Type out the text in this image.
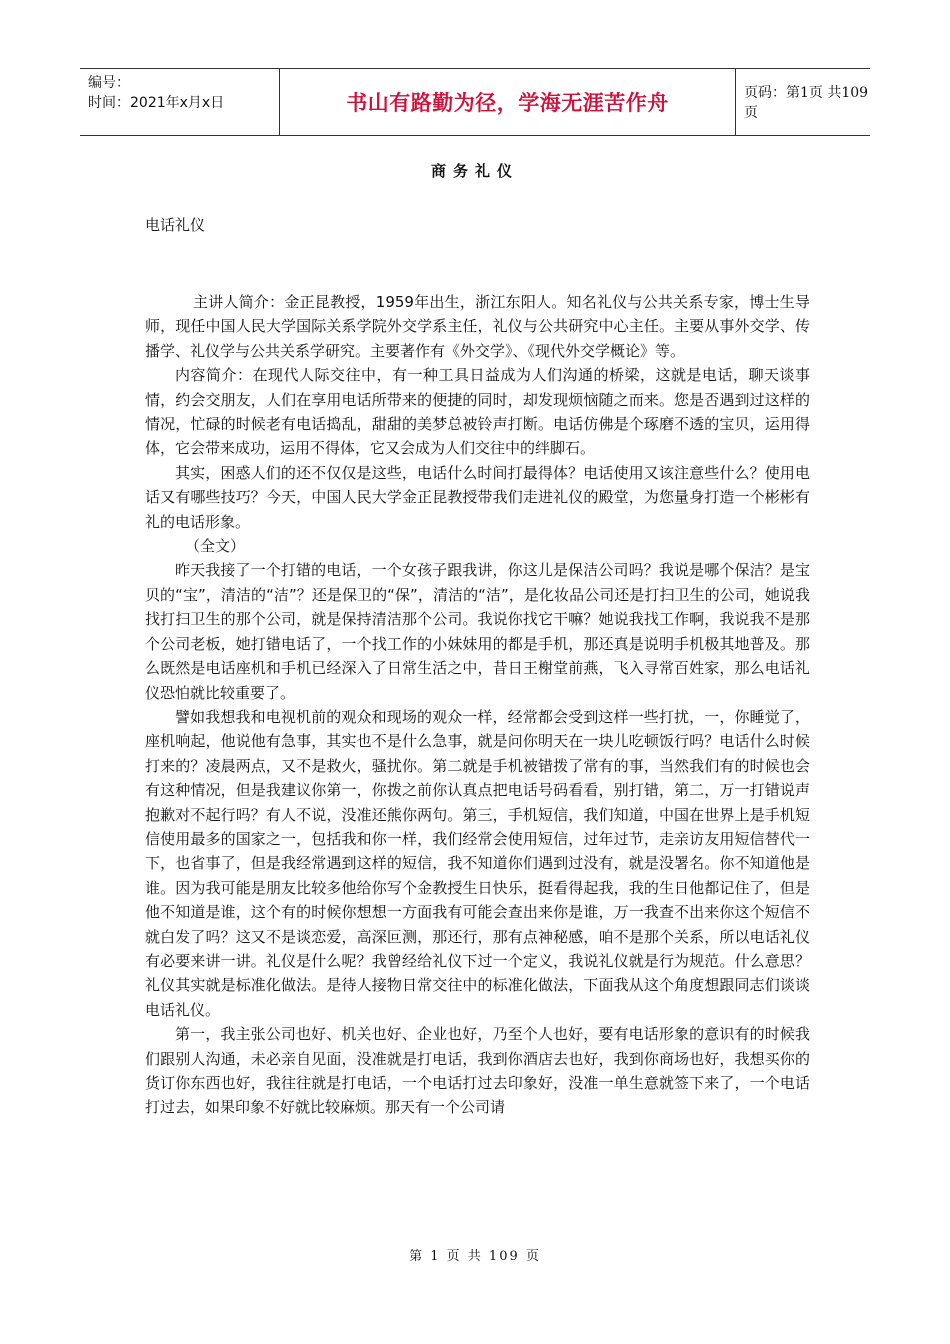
编号：
时间：2021年x月x日	书山有路勤为径，学海无涯苦作舟	页码：第1页 共109页
商务礼仪
电话礼仪

主讲人简介：金正昆教授，1959年出生，浙江东阳人。知名礼仪与公共关系专家，博士生导师，现任中国人民大学国际关系学院外交学系主任，礼仪与公共研究中心主任。主要从事外交学、传播学、礼仪学与公共关系学研究。主要著作有《外交学》、《现代外交学概论》等。

内容简介：在现代人际交往中，有一种工具日益成为人们沟通的桥梁，这就是电话，聊天谈事情，约会交朋友，人们在享用电话所带来的便捷的同时，却发现烦恼随之而来。您是否遇到过这样的情况，忙碌的时候老有电话捣乱，甜甜的美梦总被铃声打断。电话仿佛是个琢磨不透的宝贝，运用得体，它会带来成功，运用不得体，它又会成为人们交往中的绊脚石。

其实，困惑人们的还不仅仅是这些，电话什么时间打最得体？电话使用又该注意些什么？使用电话又有哪些技巧？今天，中国人民大学金正昆教授带我们走进礼仪的殿堂，为您量身打造一个彬彬有礼的电话形象。

（全文）

昨天我接了一个打错的电话，一个女孩子跟我讲，你这儿是保洁公司吗？我说是哪个保洁？是宝贝的“宝”，清洁的“洁”？还是保卫的“保”，清洁的“洁”，是化妆品公司还是打扫卫生的公司，她说我找打扫卫生的那个公司，就是保持清洁那个公司。我说你找它干嘛？她说我找工作啊，我说我不是那个公司老板，她打错电话了，一个找工作的小妹妹用的都是手机，那还真是说明手机极其地普及。那么既然是电话座机和手机已经深入了日常生活之中，昔日王榭堂前燕，飞入寻常百姓家，那么电话礼仪恐怕就比较重要了。

譬如我想我和电视机前的观众和现场的观众一样，经常都会受到这样一些打扰，一，你睡觉了，座机响起，他说他有急事，其实也不是什么急事，就是问你明天在一块儿吃顿饭行吗？电话什么时候打来的？凌晨两点，又不是救火，骚扰你。第二就是手机被错拨了常有的事，当然我们有的时候也会有这种情况，但是我建议你第一，你拨之前你认真点把电话号码看看，别打错，第二，万一打错说声抱歉对不起行吗？有人不说，没准还熊你两句。第三，手机短信，我们知道，中国在世界上是手机短信使用最多的国家之一，包括我和你一样，我们经常会使用短信，过年过节，走亲访友用短信替代一下，也省事了，但是我经常遇到这样的短信，我不知道你们遇到过没有，就是没署名。你不知道他是谁。因为我可能是朋友比较多他给你写个金教授生日快乐，挺看得起我，我的生日他都记住了，但是他不知道是谁，这个有的时候你想想一方面我有可能会查出来你是谁，万一我查不出来你这个短信不就白发了吗？这又不是谈恋爱，高深叵测，那还行，那有点神秘感，咱不是那个关系，所以电话礼仪有必要来讲一讲。礼仪是什么呢？我曾经给礼仪下过一个定义，我说礼仪就是行为规范。什么意思？礼仪其实就是标准化做法。是待人接物日常交往中的标准化做法，下面我从这个角度想跟同志们谈谈电话礼仪。

第一，我主张公司也好、机关也好、企业也好，乃至个人也好，要有电话形象的意识有的时候我们跟别人沟通，未必亲自见面，没准就是打电话，我到你酒店去也好，我到你商场也好，我想买你的货订你东西也好，我往往就是打电话，一个电话打过去印象好，没准一单生意就签下来了，一个电话打过去，如果印象不好就比较麻烦。那天有一个公司请

第 1 页 共 109 页
